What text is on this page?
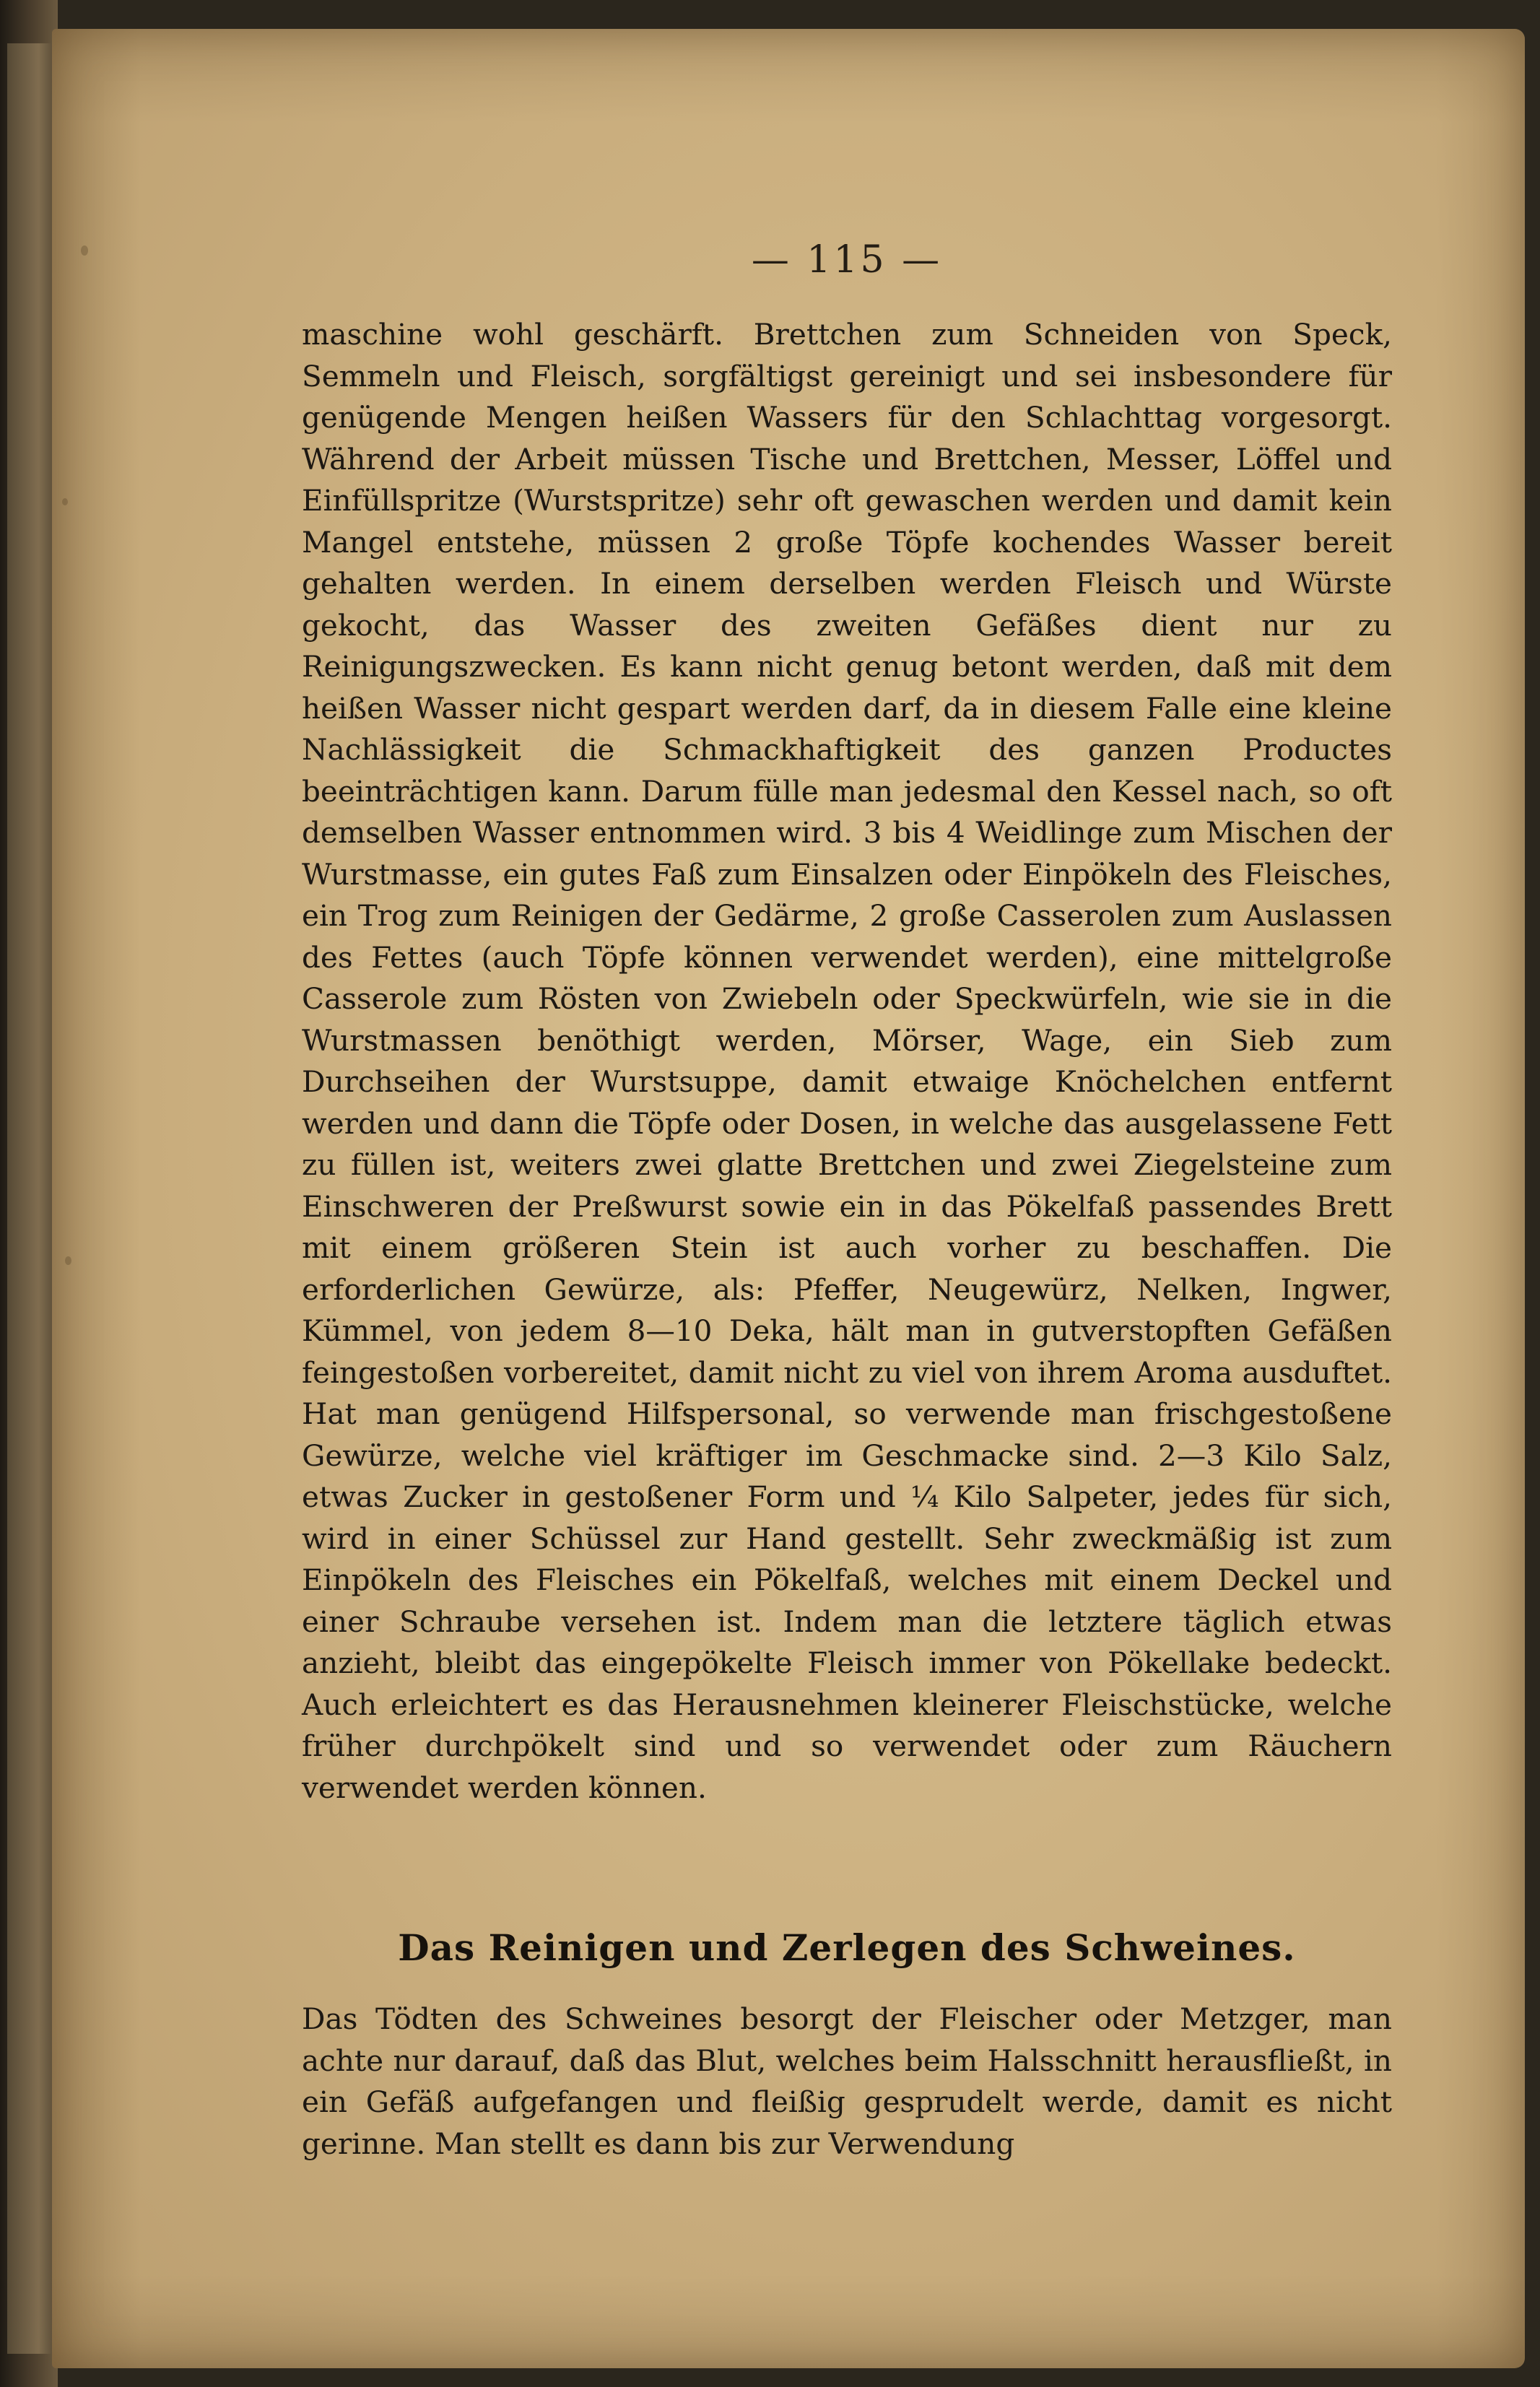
— 115 —

maschine wohl geschärft. Brettchen zum Schneiden von Speck, Semmeln und Fleisch, sorgfältigst gereinigt und sei insbesondere für genügende Mengen heißen Wassers für den Schlachttag vorgesorgt. Während der Arbeit müssen Tische und Brettchen, Messer, Löffel und Einfüllspritze (Wurstspritze) sehr oft gewaschen werden und damit kein Mangel entstehe, müssen 2 große Töpfe kochendes Wasser bereit gehalten werden. In einem derselben werden Fleisch und Würste gekocht, das Wasser des zweiten Gefäßes dient nur zu Reinigungszwecken. Es kann nicht genug betont werden, daß mit dem heißen Wasser nicht gespart werden darf, da in diesem Falle eine kleine Nachlässigkeit die Schmackhaftigkeit des ganzen Productes beeinträchtigen kann. Darum fülle man jedesmal den Kessel nach, so oft demselben Wasser entnommen wird. 3 bis 4 Weidlinge zum Mischen der Wurstmasse, ein gutes Faß zum Einsalzen oder Einpökeln des Fleisches, ein Trog zum Reinigen der Gedärme, 2 große Casserolen zum Auslassen des Fettes (auch Töpfe können verwendet werden), eine mittelgroße Casserole zum Rösten von Zwiebeln oder Speckwürfeln, wie sie in die Wurstmassen benöthigt werden, Mörser, Wage, ein Sieb zum Durchseihen der Wurstsuppe, damit etwaige Knöchelchen entfernt werden und dann die Töpfe oder Dosen, in welche das ausgelassene Fett zu füllen ist, weiters zwei glatte Brettchen und zwei Ziegelsteine zum Einschweren der Preßwurst sowie ein in das Pökelfaß passendes Brett mit einem größeren Stein ist auch vorher zu beschaffen. Die erforderlichen Gewürze, als: Pfeffer, Neugewürz, Nelken, Ingwer, Kümmel, von jedem 8—10 Deka, hält man in gutverstopften Gefäßen feingestoßen vorbereitet, damit nicht zu viel von ihrem Aroma ausduftet. Hat man genügend Hilfspersonal, so verwende man frischgestoßene Gewürze, welche viel kräftiger im Geschmacke sind. 2—3 Kilo Salz, etwas Zucker in gestoßener Form und ¼ Kilo Salpeter, jedes für sich, wird in einer Schüssel zur Hand gestellt. Sehr zweckmäßig ist zum Einpökeln des Fleisches ein Pökelfaß, welches mit einem Deckel und einer Schraube versehen ist. Indem man die letztere täglich etwas anzieht, bleibt das eingepökelte Fleisch immer von Pökellake bedeckt. Auch erleichtert es das Herausnehmen kleinerer Fleischstücke, welche früher durchpökelt sind und so verwendet oder zum Räuchern verwendet werden können.

Das Reinigen und Zerlegen des Schweines.

Das Tödten des Schweines besorgt der Fleischer oder Metzger, man achte nur darauf, daß das Blut, welches beim Halsschnitt herausfließt, in ein Gefäß aufgefangen und fleißig gesprudelt werde, damit es nicht gerinne. Man stellt es dann bis zur Verwendung
